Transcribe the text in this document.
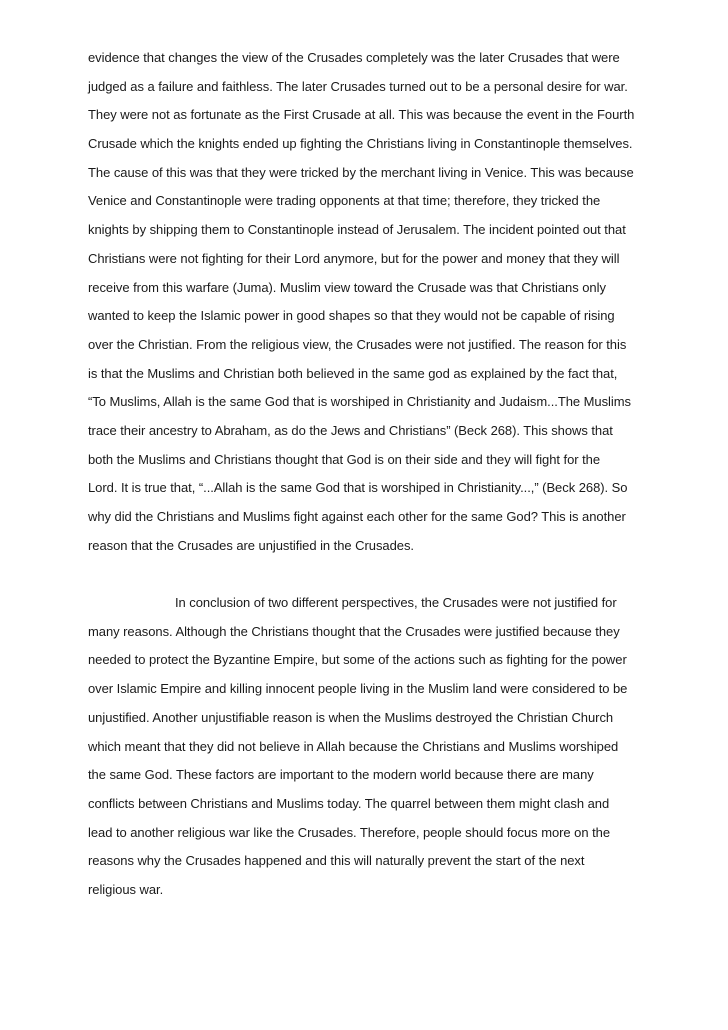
evidence that changes the view of the Crusades completely was the later Crusades that were
judged as a failure and faithless. The later Crusades turned out to be a personal desire for war.
They were not as fortunate as the First Crusade at all. This was because the event in the Fourth
Crusade which the knights ended up fighting the Christians living in Constantinople themselves.
The cause of this was that they were tricked by the merchant living in Venice. This was because
Venice and Constantinople were trading opponents at that time; therefore, they tricked the
knights by shipping them to Constantinople instead of Jerusalem. The incident pointed out that
Christians were not fighting for their Lord anymore, but for the power and money that they will
receive from this warfare (Juma). Muslim view toward the Crusade was that Christians only
wanted to keep the Islamic power in good shapes so that they would not be capable of rising
over the Christian. From the religious view, the Crusades were not justified. The reason for this
is that the Muslims and Christian both believed in the same god as explained by the fact that,
“To Muslims, Allah is the same God that is worshiped in Christianity and Judaism...The Muslims
trace their ancestry to Abraham, as do the Jews and Christians” (Beck 268). This shows that
both the Muslims and Christians thought that God is on their side and they will fight for the
Lord. It is true that, “...Allah is the same God that is worshiped in Christianity...,” (Beck 268). So
why did the Christians and Muslims fight against each other for the same God? This is another
reason that the Crusades are unjustified in the Crusades.
In conclusion of two different perspectives, the Crusades were not justified for
many reasons. Although the Christians thought that the Crusades were justified because they
needed to protect the Byzantine Empire, but some of the actions such as fighting for the power
over Islamic Empire and killing innocent people living in the Muslim land were considered to be
unjustified. Another unjustifiable reason is when the Muslims destroyed the Christian Church
which meant that they did not believe in Allah because the Christians and Muslims worshiped
the same God. These factors are important to the modern world because there are many
conflicts between Christians and Muslims today. The quarrel between them might clash and
lead to another religious war like the Crusades. Therefore, people should focus more on the
reasons why the Crusades happened and this will naturally prevent the start of the next
religious war.
